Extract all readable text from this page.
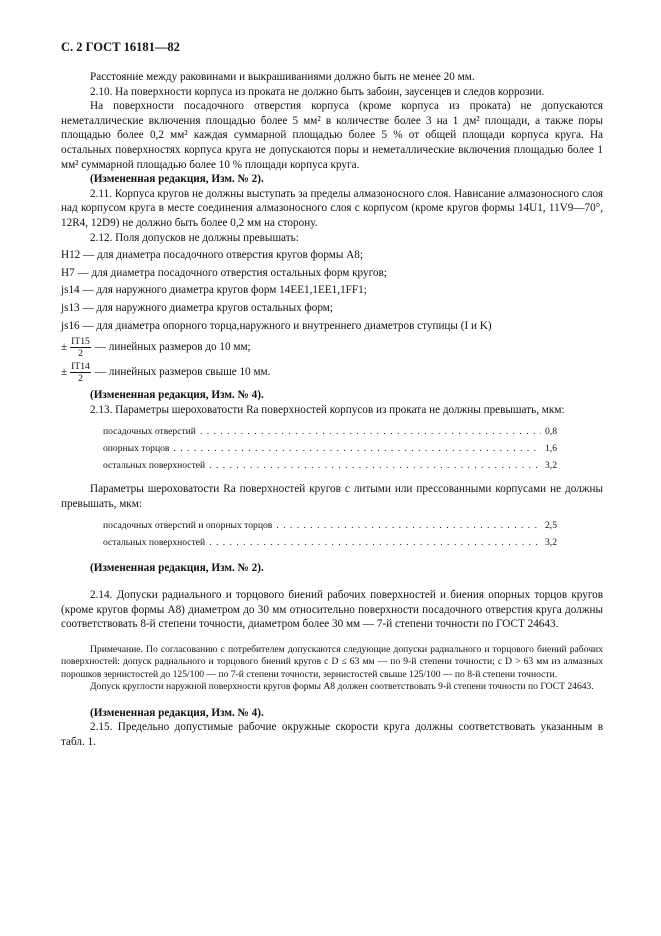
С. 2 ГОСТ 16181—82

Расстояние между раковинами и выкрашиваниями должно быть не менее 20 мм.

2.10. На поверхности корпуса из проката не должно быть забоин, заусенцев и следов коррозии.

На поверхности посадочного отверстия корпуса (кроме корпуса из проката) не допускаются неметаллические включения площадью более 5 мм² в количестве более 3 на 1 дм² площади, а также поры площадью более 0,2 мм² каждая суммарной площадью более 5 % от общей площади корпуса круга. На остальных поверхностях корпуса круга не допускаются поры и неметаллические включения площадью более 1 мм² суммарной площадью более 10 % площади корпуса круга.

(Измененная редакция, Изм. № 2).

2.11. Корпуса кругов не должны выступать за пределы алмазоносного слоя. Нависание алмазоносного слоя над корпусом круга в месте соединения алмазоносного слоя с корпусом (кроме кругов формы 14U1, 11V9—70°, 12R4, 12D9) не должно быть более 0,2 мм на сторону.

2.12. Поля допусков не должны превышать:

H12 — для диаметра посадочного отверстия кругов формы А8;

H7 — для диаметра посадочного отверстия остальных форм кругов;

js14 — для наружного диаметра кругов форм 14EE1,1EE1,1FF1;

js13 — для наружного диаметра кругов остальных форм;

js16 — для диаметра опорного торца,наружного и внутреннего диаметров ступицы (I и K)

± $\frac{IT15}{2}$ — линейных размеров до 10 мм;
± $\frac{IT14}{2}$ — линейных размеров свыше 10 мм.

(Измененная редакция, Изм. № 4).

2.13. Параметры шероховатости Ra поверхностей корпусов из проката не должны превышать, мкм:

посадочных отверстий . . .	0,8
опорных торцов . . .	1,6
остальных поверхностей . . .	3,2

Параметры шероховатости Ra поверхностей кругов с литыми или прессованными корпусами не должны превышать, мкм:

посадочных отверстий и опорных торцов . . .	2,5
остальных поверхностей . . .	3,2

(Измененная редакция, Изм. № 2).

2.14. Допуски радиального и торцового биений рабочих поверхностей и биения опорных торцов кругов (кроме кругов формы А8) диаметром до 30 мм относительно поверхности посадочного отверстия круга должны соответствовать 8-й степени точности, диаметром более 30 мм — 7-й степени точности по ГОСТ 24643.

Примечание. По согласованию с потребителем допускаются следующие допуски радиального и торцового биений рабочих поверхностей: допуск радиального и торцового биений кругов с D ≤ 63 мм — по 9-й степени точности; с D > 63 мм из алмазных порошков зернистостей до 125/100 — по 7-й степени точности, зернистостей свыше 125/100 — по 8-й степени точности.

Допуск круглости наружной поверхности кругов формы А8 должен соответствовать 9-й степени точности по ГОСТ 24643.

(Измененная редакция, Изм. № 4).

2.15. Предельно допустимые рабочие окружные скорости круга должны соответствовать указанным в табл. 1.
